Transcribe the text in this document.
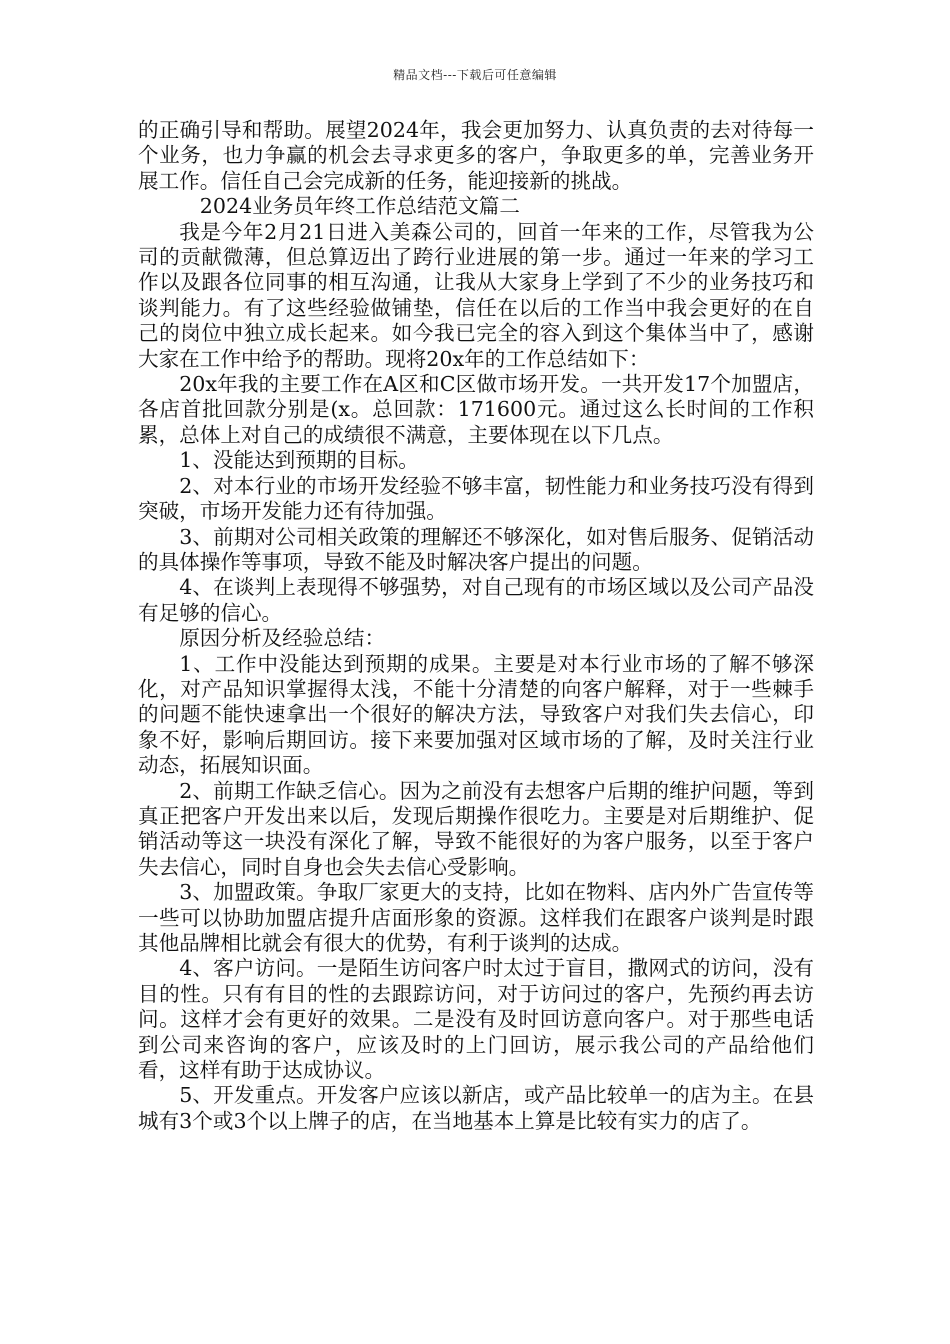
精品文档---下载后可任意编辑

的正确引导和帮助。展望2024年，我会更加努力、认真负责的去对待每一个业务，也力争赢的机会去寻求更多的客户，争取更多的单，完善业务开展工作。信任自己会完成新的任务，能迎接新的挑战。

2024业务员年终工作总结范文篇二

我是今年2月21日进入美森公司的，回首一年来的工作，尽管我为公司的贡献微薄，但总算迈出了跨行业进展的第一步。通过一年来的学习工作以及跟各位同事的相互沟通，让我从大家身上学到了不少的业务技巧和谈判能力。有了这些经验做铺垫，信任在以后的工作当中我会更好的在自己的岗位中独立成长起来。如今我已完全的容入到这个集体当中了，感谢大家在工作中给予的帮助。现将20x年的工作总结如下：

20x年我的主要工作在A区和C区做市场开发。一共开发17个加盟店，各店首批回款分别是(x。总回款：171600元。通过这么长时间的工作积累，总体上对自己的成绩很不满意，主要体现在以下几点。

1、没能达到预期的目标。

2、对本行业的市场开发经验不够丰富，韧性能力和业务技巧没有得到突破，市场开发能力还有待加强。

3、前期对公司相关政策的理解还不够深化，如对售后服务、促销活动的具体操作等事项，导致不能及时解决客户提出的问题。

4、在谈判上表现得不够强势，对自己现有的市场区域以及公司产品没有足够的信心。

原因分析及经验总结：

1、工作中没能达到预期的成果。主要是对本行业市场的了解不够深化，对产品知识掌握得太浅，不能十分清楚的向客户解释，对于一些棘手的问题不能快速拿出一个很好的解决方法，导致客户对我们失去信心，印象不好，影响后期回访。接下来要加强对区域市场的了解，及时关注行业动态，拓展知识面。

2、前期工作缺乏信心。因为之前没有去想客户后期的维护问题，等到真正把客户开发出来以后，发现后期操作很吃力。主要是对后期维护、促销活动等这一块没有深化了解，导致不能很好的为客户服务，以至于客户失去信心，同时自身也会失去信心受影响。

3、加盟政策。争取厂家更大的支持，比如在物料、店内外广告宣传等一些可以协助加盟店提升店面形象的资源。这样我们在跟客户谈判是时跟其他品牌相比就会有很大的优势，有利于谈判的达成。

4、客户访问。一是陌生访问客户时太过于盲目，撒网式的访问，没有目的性。只有有目的性的去跟踪访问，对于访问过的客户，先预约再去访问。这样才会有更好的效果。二是没有及时回访意向客户。对于那些电话到公司来咨询的客户，应该及时的上门回访，展示我公司的产品给他们看，这样有助于达成协议。

5、开发重点。开发客户应该以新店，或产品比较单一的店为主。在县城有3个或3个以上牌子的店，在当地基本上算是比较有实力的店了。
